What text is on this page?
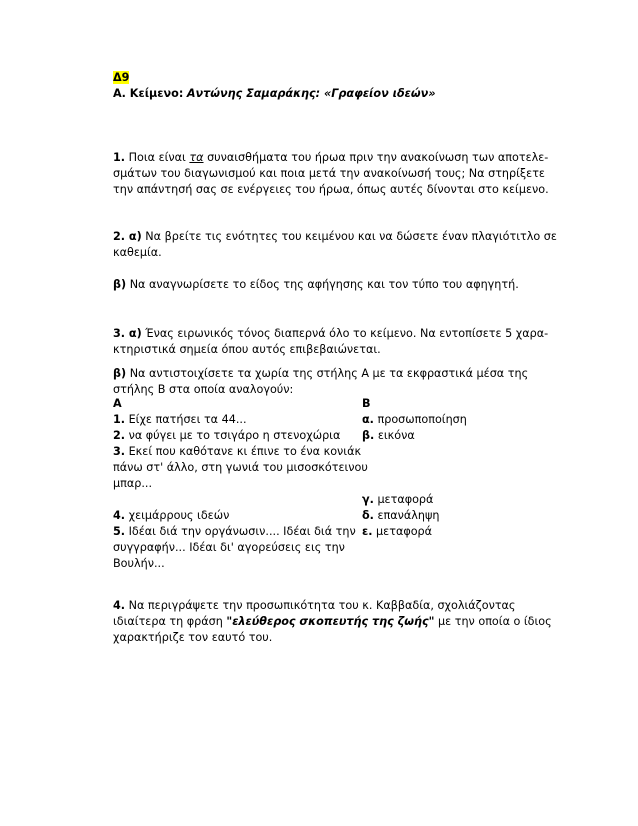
Δ9
Α. Κείμενο: Αντώνης Σαμαράκης: «Γραφείον ιδεών»
1. Ποια είναι τα συναισθήματα του ήρωα πριν την ανακοίνωση των αποτελε-
σμάτων του διαγωνισμού και ποια μετά την ανακοίνωσή τους; Να στηρίξετε
την απάντησή σας σε ενέργειες του ήρωα, όπως αυτές δίνονται στο κείμενο.
2. α) Να βρείτε τις ενότητες του κειμένου και να δώσετε έναν πλαγιότιτλο σε
καθεμία.
β) Να αναγνωρίσετε το είδος της αφήγησης και τον τύπο του αφηγητή.
3. α) Ένας ειρωνικός τόνος διαπερνά όλο το κείμενο. Να εντοπίσετε 5 χαρα-
κτηριστικά σημεία όπου αυτός επιβεβαιώνεται.
β) Να αντιστοιχίσετε τα χωρία της στήλης Α με τα εκφραστικά μέσα της
στήλης Β στα οποία αναλογούν:
Α
1. Είχε πατήσει τα 44...
2. να φύγει με το τσιγάρο η στενοχώρια
3. Εκεί που καθότανε κι έπινε το ένα κονιάκ
πάνω στ' άλλο, στη γωνιά του μισοσκότεινου
μπαρ...
4. χειμάρρους ιδεών
5. Ιδέαι διά την οργάνωσιν.... Ιδέαι διά την
συγγραφήν... Ιδέαι δι' αγορεύσεις εις την
Βουλήν...
Β
α. προσωποποίηση
β. εικόνα
γ. μεταφορά
δ. επανάληψη
ε. μεταφορά
4. Να περιγράψετε την προσωπικότητα του κ. Καββαδία, σχολιάζοντας
ιδιαίτερα τη φράση "ελεύθερος σκοπευτής της ζωής" με την οποία ο ίδιος
χαρακτήριζε τον εαυτό του.
